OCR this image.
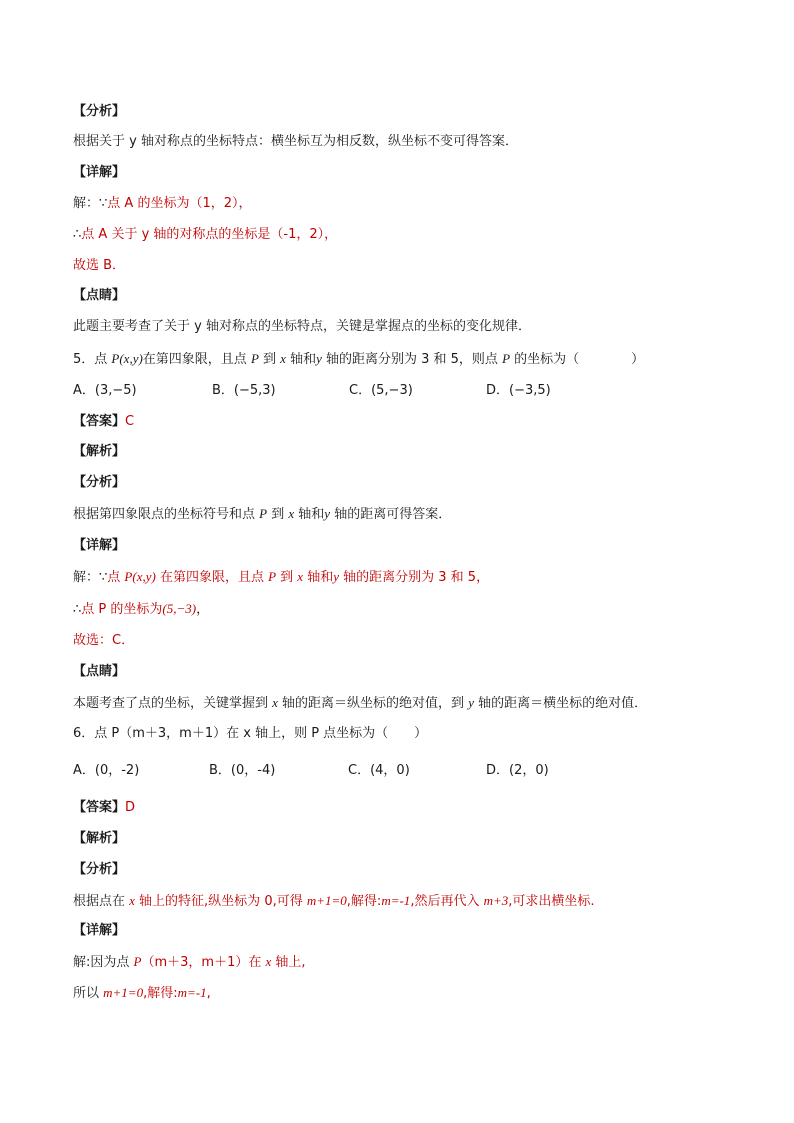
【分析】
根据关于 y 轴对称点的坐标特点：横坐标互为相反数，纵坐标不变可得答案．
【详解】
解：∵点 A 的坐标为（1，2），
∴点 A 关于 y 轴的对称点的坐标是（-1，2），
故选 B．
【点睛】
此题主要考查了关于 y 轴对称点的坐标特点，关键是掌握点的坐标的变化规律．
5．点 P(x,y)在第四象限，且点 P 到 x 轴和y 轴的距离分别为 3 和 5，则点 P 的坐标为（　　　　）
A．(3,−5)	B．(−5,3)	C．(5,−3)	D．(−3,5)
【答案】C
【解析】
【分析】
根据第四象限点的坐标符号和点 P 到 x 轴和y 轴的距离可得答案．
【详解】
解：∵点 P(x,y) 在第四象限，且点 P 到 x 轴和y 轴的距离分别为 3 和 5，
∴点 P 的坐标为(5,−3)，
故选：C．
【点睛】
本题考查了点的坐标，关键掌握到 x 轴的距离＝纵坐标的绝对值，到 y 轴的距离＝横坐标的绝对值．
6．点 P（m＋3，m＋1）在 x 轴上，则 P 点坐标为（　　）
A．(0，-2)	B．(0，-4)	C．(4，0)	D．(2，0)
【答案】D
【解析】
【分析】
根据点在 x 轴上的特征,纵坐标为 0,可得 m+1=0,解得:m=-1,然后再代入 m+3,可求出横坐标.
【详解】
解:因为点 P（m＋3，m＋1）在 x 轴上,
所以 m+1=0,解得:m=-1,
